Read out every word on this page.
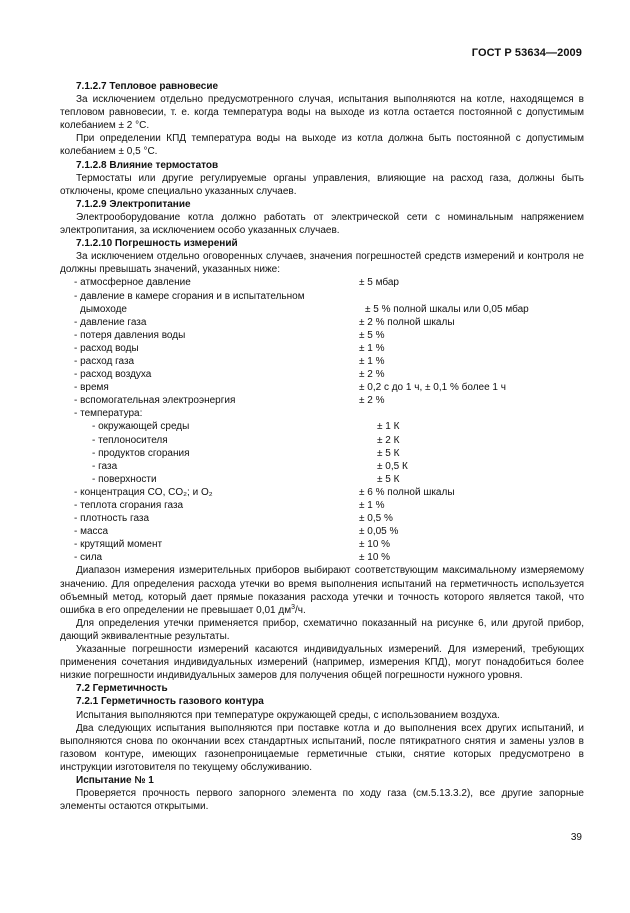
ГОСТ Р 53634—2009

7.1.2.7 Тепловое равновесие

За исключением отдельно предусмотренного случая, испытания выполняются на котле, находящемся в тепловом равновесии, т. е. когда температура воды на выходе из котла остается постоянной с допустимым колебанием ± 2 °С.

При определении КПД температура воды на выходе из котла должна быть постоянной с допустимым колебанием ± 0,5 °С.

7.1.2.8 Влияние термостатов

Термостаты или другие регулируемые органы управления, влияющие на расход газа, должны быть отключены, кроме специально указанных случаев.

7.1.2.9 Электропитание

Электрооборудование котла должно работать от электрической сети с номинальным напряжением электропитания, за исключением особо указанных случаев.

7.1.2.10 Погрешность измерений

За исключением отдельно оговоренных случаев, значения погрешностей средств измерений и контроля не должны превышать значений, указанных ниже:

- атмосферное давление	± 5 мбар
- давление в камере сгорания и в испытательном
дымоходе	± 5 % полной шкалы или 0,05 мбар
- давление газа	± 2 % полной шкалы
- потеря давления воды	± 5 %
- расход воды	± 1 %
- расход газа	± 1 %
- расход воздуха	± 2 %
- время	± 0,2 с до 1 ч, ± 0,1 % более 1 ч
- вспомогательная электроэнергия	± 2 %
- температура:
- окружающей среды	± 1 К
- теплоносителя	± 2 К
- продуктов сгорания	± 5 К
- газа	± 0,5 К
- поверхности	± 5 К
- концентрация CO, CO₂; и O₂	± 6 % полной шкалы
- теплота сгорания газа	± 1 %
- плотность газа	± 0,5 %
- масса	± 0,05 %
- крутящий момент	± 10 %
- сила	± 10 %

Диапазон измерения измерительных приборов выбирают соответствующим максимальному измеряемому значению. Для определения расхода утечки во время выполнения испытаний на герметичность используется объемный метод, который дает прямые показания расхода утечки и точность которого является такой, что ошибка в его определении не превышает 0,01 $дм^3/ч$.

Для определения утечки применяется прибор, схематично показанный на рисунке 6, или другой прибор, дающий эквивалентные результаты.

Указанные погрешности измерений касаются индивидуальных измерений. Для измерений, требующих применения сочетания индивидуальных измерений (например, измерения КПД), могут понадобиться более низкие погрешности индивидуальных замеров для получения общей погрешности нужного уровня.

7.2 Герметичность

7.2.1 Герметичность газового контура

Испытания выполняются при температуре окружающей среды, с использованием воздуха.

Два следующих испытания выполняются при поставке котла и до выполнения всех других испытаний, и выполняются снова по окончании всех стандартных испытаний, после пятикратного снятия и замены узлов в газовом контуре, имеющих газонепроницаемые герметичные стыки, снятие которых предусмотрено в инструкции изготовителя по текущему обслуживанию.

Испытание № 1

Проверяется прочность первого запорного элемента по ходу газа (см.5.13.3.2), все другие запорные элементы остаются открытыми.

39
